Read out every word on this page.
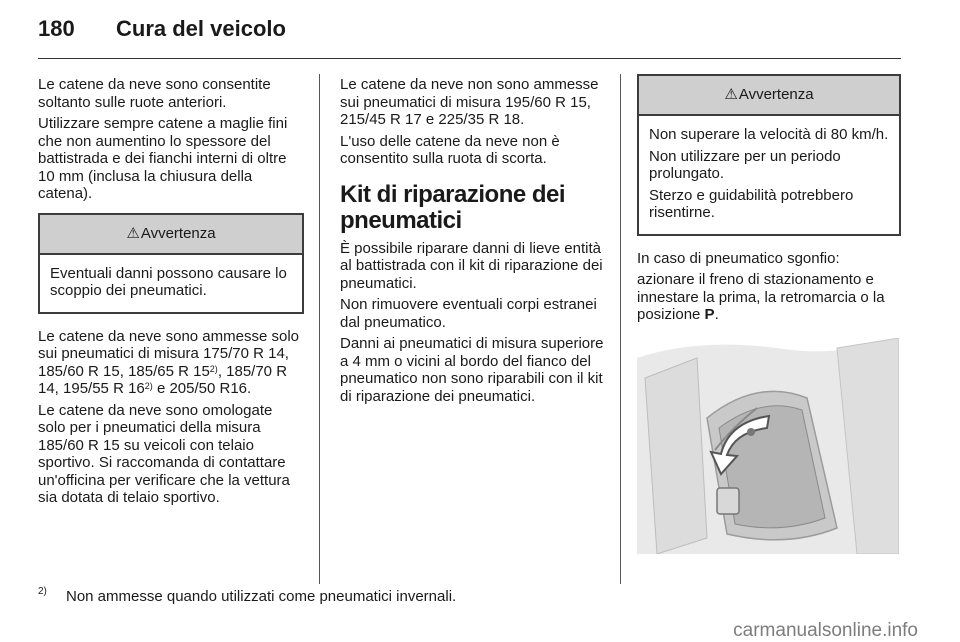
180	Cura del veicolo

Le catene da neve sono consentite soltanto sulle ruote anteriori.

Utilizzare sempre catene a maglie fini che non aumentino lo spessore del battistrada e dei fianchi interni di oltre 10 mm (inclusa la chiusura della catena).

⚠ Avvertenza

Eventuali danni possono causare lo scoppio dei pneumatici.

Le catene da neve sono ammesse solo sui pneumatici di misura 175/70 R 14, 185/60 R 15, 185/65 R 15$^{2)}$, 185/70 R 14, 195/55 R 16$^{2)}$ e 205/50 R16.

Le catene da neve sono omologate solo per i pneumatici della misura 185/60 R 15 su veicoli con telaio sportivo. Si raccomanda di contattare un'officina per verificare che la vettura sia dotata di telaio sportivo.

Le catene da neve non sono ammesse sui pneumatici di misura 195/60 R 15, 215/45 R 17 e 225/35 R 18.

L'uso delle catene da neve non è consentito sulla ruota di scorta.

Kit di riparazione dei pneumatici

È possibile riparare danni di lieve entità al battistrada con il kit di riparazione dei pneumatici.

Non rimuovere eventuali corpi estranei dal pneumatico.

Danni ai pneumatici di misura superiore a 4 mm o vicini al bordo del fianco del pneumatico non sono riparabili con il kit di riparazione dei pneumatici.

⚠ Avvertenza

Non superare la velocità di 80 km/h.

Non utilizzare per un periodo prolungato.

Sterzo e guidabilità potrebbero risentirne.

In caso di pneumatico sgonfio:

azionare il freno di stazionamento e innestare la prima, la retromarcia o la posizione P.

2)	Non ammesse quando utilizzati come pneumatici invernali.
carmanualsonline.info
